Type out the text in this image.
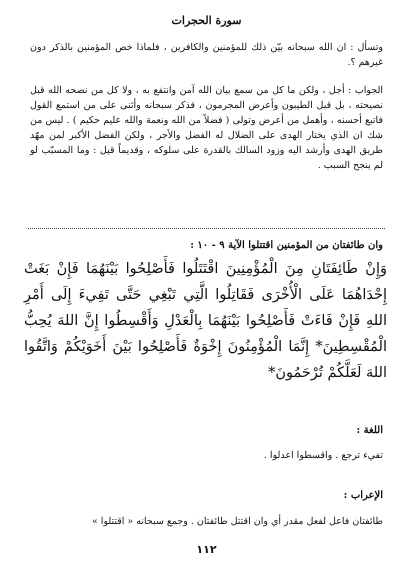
سورة الحجرات
وتسأل : ان الله سبحانه بيّن ذلك للمؤمنين والكافرين ، فلماذا خص المؤمنين بالذكر دون غيرهم ؟.
الجواب : أجل ، ولكن ما كل من سمع بيان الله آمن وانتفع به ، ولا كل من نصحه الله قبل نصيحته ، بل قبل الطيبون وأعرض المجرمون ، فذكر سبحانه وأثنى على من استمع القول فاتبع أحسنه ، وأهمل من أعرض وتولى ( فضلاً من الله ونعمة والله عليم حكيم ) . ليس من شك ان الذي يختار الهدى على الضلال له الفضل والأجر ، ولكن الفضل الأكبر لمن مهّد طريق الهدى وأرشد اليه وزود السالك بالقدرة على سلوكه ، وقديماً قيل : وما المسبّب لو لم ينجح السبب .
وان طائفتان من المؤمنين اقتتلوا الآية ٩ - ١٠ :
وَإِنْ طَائِفَتَانِ مِنَ الْمُؤْمِنِينَ اقْتَتَلُوا فَأَصْلِحُوا بَيْنَهُمَا فَإِنْ بَغَتْ إِحْدَاهُمَا عَلَى الْأُخْرَى فَقَاتِلُوا الَّتِي تَبْغِي حَتَّى تَفِيءَ إِلَى أَمْرِ اللهِ فَإِنْ فَاءَتْ فَأَصْلِحُوا بَيْنَهُمَا بِالْعَدْلِ وَأَقْسِطُوا إِنَّ اللهَ يُحِبُّ الْمُقْسِطِينَ* إِنَّمَا الْمُؤْمِنُونَ إِخْوَةٌ فَأَصْلِحُوا بَيْنَ أَخَوَيْكُمْ وَاتَّقُوا اللهَ لَعَلَّكُمْ تُرْحَمُونَ*
اللغة :
تفيء ترجع . واقسطوا اعدلوا .
الإعراب :
طائفتان فاعل لفعل مقدر أي وان اقتتل طائفتان . وجمع سبحانه « اقتتلوا »
١١٢
